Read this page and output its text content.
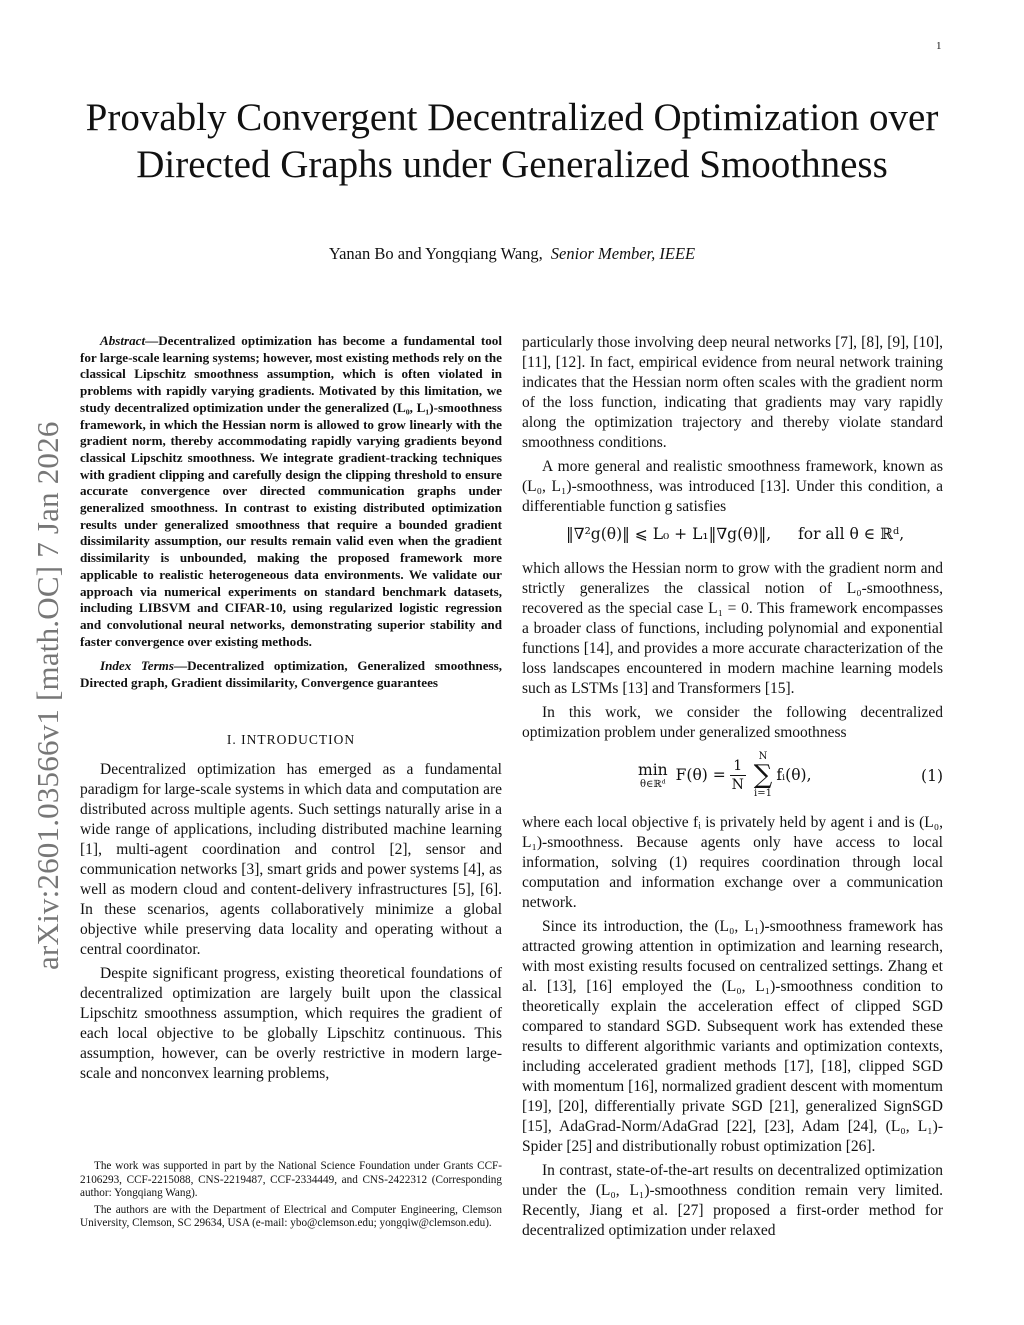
1
arXiv:2601.03566v1 [math.OC] 7 Jan 2026
Provably Convergent Decentralized Optimization over Directed Graphs under Generalized Smoothness
Yanan Bo and Yongqiang Wang, Senior Member, IEEE

Abstract—Decentralized optimization has become a fundamental tool for large-scale learning systems; however, most existing methods rely on the classical Lipschitz smoothness assumption, which is often violated in problems with rapidly varying gradients. Motivated by this limitation, we study decentralized optimization under the generalized (L₀, L₁)-smoothness framework, in which the Hessian norm is allowed to grow linearly with the gradient norm, thereby accommodating rapidly varying gradients beyond classical Lipschitz smoothness. We integrate gradient-tracking techniques with gradient clipping and carefully design the clipping threshold to ensure accurate convergence over directed communication graphs under generalized smoothness. In contrast to existing distributed optimization results under generalized smoothness that require a bounded gradient dissimilarity assumption, our results remain valid even when the gradient dissimilarity is unbounded, making the proposed framework more applicable to realistic heterogeneous data environments. We validate our approach via numerical experiments on standard benchmark datasets, including LIBSVM and CIFAR-10, using regularized logistic regression and convolutional neural networks, demonstrating superior stability and faster convergence over existing methods.

Index Terms—Decentralized optimization, Generalized smoothness, Directed graph, Gradient dissimilarity, Convergence guarantees

I. INTRODUCTION

Decentralized optimization has emerged as a fundamental paradigm for large-scale systems in which data and computation are distributed across multiple agents. Such settings naturally arise in a wide range of applications, including distributed machine learning [1], multi-agent coordination and control [2], sensor and communication networks [3], smart grids and power systems [4], as well as modern cloud and content-delivery infrastructures [5], [6]. In these scenarios, agents collaboratively minimize a global objective while preserving data locality and operating without a central coordinator.

Despite significant progress, existing theoretical foundations of decentralized optimization are largely built upon the classical Lipschitz smoothness assumption, which requires the gradient of each local objective to be globally Lipschitz continuous. This assumption, however, can be overly restrictive in modern large-scale and nonconvex learning problems,

The work was supported in part by the National Science Foundation under Grants CCF-2106293, CCF-2215088, CNS-2219487, CCF-2334449, and CNS-2422312 (Corresponding author: Yongqiang Wang).

The authors are with the Department of Electrical and Computer Engineering, Clemson University, Clemson, SC 29634, USA (e-mail: ybo@clemson.edu; yongqiw@clemson.edu).

particularly those involving deep neural networks [7], [8], [9], [10], [11], [12]. In fact, empirical evidence from neural network training indicates that the Hessian norm often scales with the gradient norm of the loss function, indicating that gradients may vary rapidly along the optimization trajectory and thereby violate standard smoothness conditions.

A more general and realistic smoothness framework, known as (L₀, L₁)-smoothness, was introduced [13]. Under this condition, a differentiable function g satisfies

‖∇²g(θ)‖ ⩽ L₀ + L₁‖∇g(θ)‖, for all θ ∈ ℝᵈ,

which allows the Hessian norm to grow with the gradient norm and strictly generalizes the classical notion of L₀-smoothness, recovered as the special case L₁ = 0. This framework encompasses a broader class of functions, including polynomial and exponential functions [14], and provides a more accurate characterization of the loss landscapes encountered in modern machine learning models such as LSTMs [13] and Transformers [15].

In this work, we consider the following decentralized optimization problem under generalized smoothness

min
θ∈ℝᵈ $F(\theta) = \frac{1}{N}$
N
∑
i=1
fᵢ(θ),	(1)

where each local objective fᵢ is privately held by agent i and is (L₀, L₁)-smoothness. Because agents only have access to local information, solving (1) requires coordination through local computation and information exchange over a communication network.

Since its introduction, the (L₀, L₁)-smoothness framework has attracted growing attention in optimization and learning research, with most existing results focused on centralized settings. Zhang et al. [13], [16] employed the (L₀, L₁)-smoothness condition to theoretically explain the acceleration effect of clipped SGD compared to standard SGD. Subsequent work has extended these results to different algorithmic variants and optimization contexts, including accelerated gradient methods [17], [18], clipped SGD with momentum [16], normalized gradient descent with momentum [19], [20], differentially private SGD [21], generalized SignSGD [15], AdaGrad-Norm/AdaGrad [22], [23], Adam [24], (L₀, L₁)-Spider [25] and distributionally robust optimization [26].

In contrast, state-of-the-art results on decentralized optimization under the (L₀, L₁)-smoothness condition remain very limited. Recently, Jiang et al. [27] proposed a first-order method for decentralized optimization under relaxed
